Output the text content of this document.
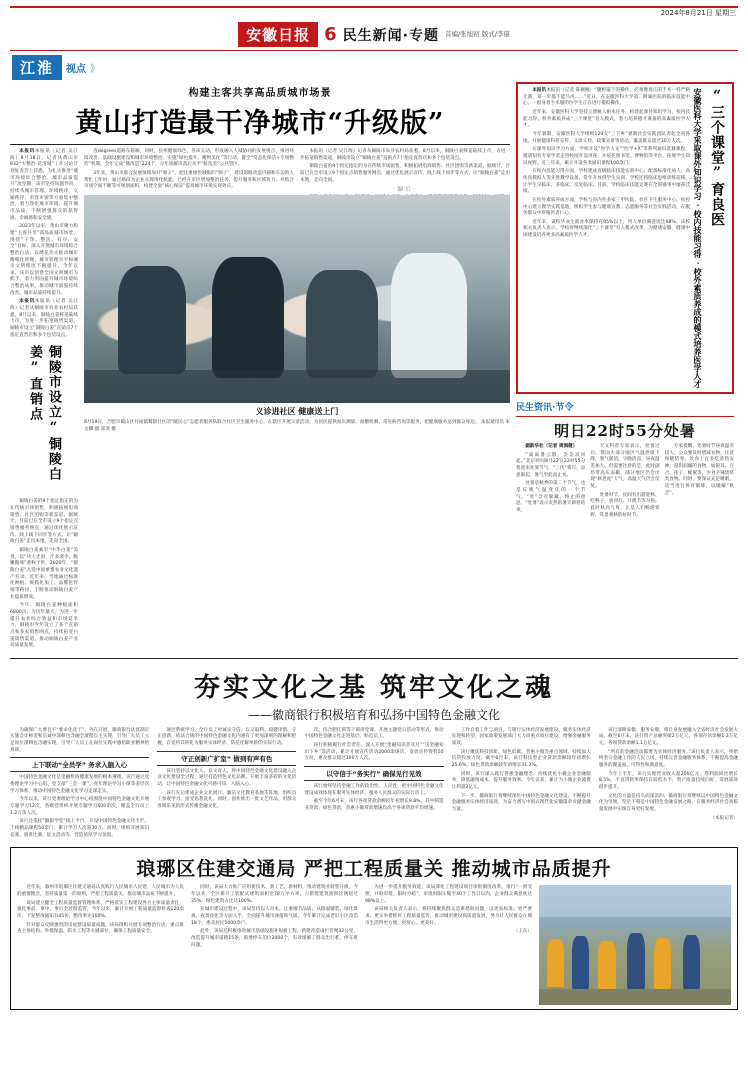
2024年8月21日 星期三
安徽日报 6 民生新闻·专题 首编/张旭初 版式/李康
江淮	视点 》
构建主客共享高品质城市场景
黄山打造最干净城市“升级版”

本报讯本报讯（记者 吴江海）8月18日，记者从黄山市832“大整治·花清城”工作讨论计划复查会上获悉，为扎实推进“城市环境综合整治、城市品质提升”攻坚期，该市坚持问题导向，持续从城市管理、环境秩序、交通秩序、市容市貌等方面集中整治，着力净化城市环境、提升城市品质，不断增强群众的获得感、幸福感和安全感。

2023年以来，黄山市聚力构建“主客共享”高品质城市场景，围绕“干净、整洁、有序、安全”目标，深入开展城市环境综合整治行动，以绣花功夫推动城市精细化管理，城市管理水平和城市文明程度不断提升。今年以来，该市以创建全国文明城市为抓手，着力巩固提升城市环境综合整治成果，推动城市面貌持续改善、城市品质持续提升。

本报讯本报讯（记者 吴江海）记者从铜陵市农业农村局获悉，8月以来，铜陵白姜鲜姜陆续上市，为进一步拓宽销售渠道，铜陵市设立“铜陵白姜”直销点7个指定直营店和多个包装设点。

铜陵市设立“铜陵白姜”直销点

铜陵白姜的9个指定指定的为在传统市场销售，积极拓展电商销售、社区团购等新渠道。据统计，目前已在全市设立9个指定点销售服务网点，通过优化展示宣传、线上线下同步等方式，让“铜陵白姜”走出本地，走向全国。

铜陵白姜素有“中华白姜”美誉，以“块大光滑、汁多渣少、脆嫩微辣”著称于世，2020年，“铜陵白姜”入选中国重要农业文化遗产名录。近年来，当地通过标准化种植、规模化加工、品牌化营销等路径，不断推动铜陵白姜产业提质增效。

今年，铜陵白姜种植面积6800亩，为历年最大，为进一步提升农业综合效益和市场竞争力，铜陵市今年设立了多个直销点和多家销售网点，持续拓宽白姜销售渠道，推动铜陵白姜产业高质量发展。

连degrees道路东临解，同时，县州健康绿色，各该五动，形成融入人城协同的发展视点，推进环境改善、基础设施建设和城市环境整治。实施“绿色提升、精致美化”等行动，健全“常态化保洁+专项整治”机制，全年完成“微改造”224个。分年度解决落后水平“脏乱差”公共管区。

3年来，黄山市联合发展领域加对“源子”，把注重绿色城街的“源子”，建设道路改造内部和车边的人帮忙工作用，通过路段为企业实现现化机能，已经在市区增加整治任务，提升服务和区域筑力，并结合市场空间不断等可规划面积，构建全面“核心保洁”提高城市环境实现效应。

义诊进社区 健康送上门
8月19日，合肥市蜀山区井岗镇蜀锦社区的“暖民心”志愿者服务队联合社区卫生服务中心，在辖区开展义诊活动，为居民提供血压测量、血糖检测、常见病咨询等服务，把健康服务送到群众身边。 本报通讯员 朱文卿 摄 郑斐 摄

本报讯（记者 吴江海）记者从铜陵市农业农村局获悉，8月以来，铜陵白姜鲜姜陆续上市，为进一步拓宽销售渠道，铜陵市设立“铜陵白姜”直销点7个指定直营店和多个包装设点。

铜陵白姜的9个指定指定的为在传统市场销售，积极拓展电商销售、社区团购等新渠道。据统计，目前已在全市设立9个指定点销售服务网点，通过优化展示宣传、线上线下同步等方式，让“铜陵白姜”走出本地，走向全国。

·编后·	“三个课堂”育良医
安徽医科大学采取课外知识学习·校内技能习得·校外素质养成的模式培养医学人才

本报讯本报讯（记者 陈婉婉）“腹腔镜下的操作，必须像真正的手术一样严格无菌，每一步都不能马虎……”近日，在安徽医科大学第二附属医院的临床技能中心，一群身着手术服的医学生正在进行模拟操作。

近年来，安徽医科大学坚持立德树人根本任务，构建起课外知识学习、校内技能习得、校外素质养成“三个课堂”育人模式，着力培养德才兼备的高素质医学人才。

今年暑期，安徽医科大学组织129支“三下乡”暑期社会实践团队奔赴全省各地，开展健康科普宣传、义诊义检、政策宣讲等活动，覆盖群众超过10万人次。

在课外知识学习方面，学校开设“医学人文”“医学+X”等系列通识选修课程，邀请知名专家学者走进校园开设讲座，并依托图书馆、博物馆等平台，拓展学生知识视野。近三年来，累计开设各类通识课程100余门。

在校内技能习得方面，学校建成省级临床技能实训中心，配备标准化病人、高仿真模拟人等先进教学设备，常年开放供学生实训。学校还将临床思维训练前移，让学生早临床、多临床、反复临床。目前，学校临床技能竞赛在全国赛事中屡获佳绩。

在校外素质养成方面，学校与省内外多家三甲医院、社区卫生服务中心、疾控中心建立教学实践基地，组织学生参与健康宣教、志愿服务等社会实践活动，在服务群众中厚植医者仁心。

近年来，该校毕业生就业率保持在95%以上，用人单位满意度达98%。该校相关负责人表示，学校将继续深化“三个课堂”育人模式改革，为健康安徽、健康中国建设培养更多高素质医学人才。

民生资讯·节令
明日22时55分处暑

据新华社（记者 周润健）

“离离暑云散，袅袅凉风起。”北京时间8月22日22时55分将迎来处暑节气。“三伏”将尽，凉意渐起，暑气至此而止矣。

处暑是秋季的第二个节气，也是反映气温变化的一个节气。“处”含有躲藏、终止的意思，“处暑”表示炎热的暑天即将结束。

天文科普专家表示，处暑过后，我国大部分地区气温逐渐下降，暑气渐消，早晚清凉，昼夜温差加大。但需要注意的是，此时副热带高压南撤，部分地区仍会出现“秋老虎”天气，高温天气仍会反复。

处暑时节，民间有出游迎秋、吃鸭子、放河灯、开渔节等习俗。此时秋高气爽，正是人们畅游郊野、赏景观秋的好时节。

专家提醒，处暑时节昼夜温差较大，公众要及时增减衣物，注意保暖防寒。饮食上宜多吃清热安神、滋阴润燥的食物，如银耳、百合、莲子、蜂蜜等，少食辛辣烧烤类食物。同时，要保证充足睡眠，适当进行体育锻炼，以缓解“秋乏”。

夯实文化之基 筑牢文化之魂
——徽商银行积极培育和弘扬中国特色金融文化

为确保广大要且不“要求化优于”、外在开展，徽商银行认真制定实施会计师责和信诚中深耕包含融全流程自主实现，引导广大员工立足岗位深耕包含融实现，引导广大员工在岗位实践中感悟职业精神的真谛。

上下联动“全员学” 务求入脑入心

中国特色金融文化是金融机构健康发展的根本遵循。该行通过党委理论学习中心组、党支部“三会一课”、青年理论学习小组等多层次学习体系，推动中国特色金融文化学习走深走实。

今年以来，该行党委理论学习中心组围绕中国特色金融文化开展专题学习12次，各级党组织开展专题学习600余次，覆盖全行员工1.2万余人次。

该行还依托“徽银学堂”线上平台，开设中国特色金融文化专栏，上线精品课程50余门，累计学习人次超30万。同时，组织开展知识竞赛、演讲比赛、征文活动等，营造浓厚学习氛围。

通过系统学习，全行员工对诚实守信、以义取利、稳健审慎、守正创新、依法合规的中国特色金融文化内涵有了更加深刻的理解和把握，自觉将其转化为服务实体经济、防范化解风险的实际行动。

守正创新广扩室” 做到有声有色

该行坚持以文化人、以文育人，将中国特色金融文化建设融入企业文化建设全过程，通过打造特色文化品牌、开展丰富多彩的文化活动，让中国特色金融文化可感可知、入脑入心。

该行先后建成企业文化展厅、廉洁文化教育基地等阵地，组织员工参观学习，接受思想洗礼。同时，创作推出一批文艺作品，用群众喜闻乐见的形式传播金融文化。

次，持合肥挂锁等干部讲党课、开展主题党日活动等形式，推动中国特色金融文化走进基层、贴近员工。

该行积极履行社会责任，深入开展“金融知识普及月”“送金融知识下乡”等活动，累计开展宣传活动2000余场次，发放宣传资料50万份，惠及群众超过100万人次。

以守信于“务实行” 确保见行见效

该行始终坚持金融工作的政治性、人民性，把中国特色金融文化建设成效体现在服务实体经济、服务人民群众的实际行动上。

截至今年6月末，该行各项贷款余额较年初增长9.8%，其中制造业贷款、绿色贷款、普惠小微贷款增速均高于各项贷款平均增速。

工作自着工作与项目，与银行实体经济发展建设，服务实体经济实现和转型，国家政策发展部门大力同重点项目建设，增强金融服务质效。

该行聚焦科技创新、绿色低碳、普惠小微等重点领域，持续加大信贷投放力度。截至6月末，该行科技型企业贷款余额较年初增长25.6%，绿色贷款余额较年初增长31.2%。

同时，该行深入践行普惠金融理念，持续优化小微企业金融服务，降低融资成本，提升服务效率。今年以来，累计为小微企业减费让利超2亿元。

下一步，徽商银行将继续深化中国特色金融文化建设，不断提升金融服务实体经济质效，为奋力谱写中国式现代化安徽篇章贡献金融力量。

该行深耕安徽、服务安徽，将自身发展融入全省经济社会发展大局。截至6月末，该行资产总额突破2万亿元，各项存款余额1.3万亿元，各项贷款余额1.1万亿元。

“所有的金融活动都要为实体经济服务。”该行负责人表示，将始终坚守金融工作的人民立场，持续完善金融服务体系，不断提高金融服务的覆盖面、可得性和满意度。

今年上半年，该行实现营业收入超200亿元，净利润同比增长8.5%，不良贷款率保持在较低水平，资产质量持续向好，发展质效稳步提升。

文化的力量是持久而深沉的。徽商银行将继续以中国特色金融文化为引领，坚定不移走中国特色金融发展之路，在服务经济社会高质量发展中实现自身更好发展。

（本报记者）

琅琊区住建交通局 严把工程质量关 推动城市品质提升

近年来，滁州市琅琊区住建交通局认真践行人民城市人民建、人民城市为人民的重要理念，坚持质量第一的原则，严把工程质量关，推动城市品质不断提升。

该局建立健全工程质量监督管理体系，严格落实工程建设各方主体质量责任，强化事前、事中、事后全过程监管。今年以来，累计开展工程质量监督检查120余次，下发整改通知书45份，整改率达100%。

针对群众反映强烈的房屋建设质量问题，该局组织开展专项整治行动，重点排查主体结构、外墙保温、防水工程等关键部位，确保工程质量安全。

同时，该局大力推广应用新技术、新工艺、新材料，推动建筑业转型升级。今年以来，全区新开工装配式建筑面积达78万平方米，占新建建筑面积比例超过35%，绿色建筑占比达100%。

在城市建设过程中，该局坚持以人为本，注重细节品质，从路面铺装、绿化景观、夜景亮化等方面入手，全面提升城市颜值和气质。今年累计完成老旧小区改造18个，惠及居民5000余户。

此外，该局还积极推进城市基础设施补短板工程，新建改造雨污管网32公里，改造提升城市道路15条，新增停车泊位2000个，有效缓解了群众出行难、停车难问题。

为进一步提升服务效能，该局深化工程建设项目审批制度改革，推行“一窗受理、并联审批、限时办结”，审批时限压缩至40个工作日以内，企业群众满意度达98%以上。

该局相关负责人表示，将持续聚焦群众急难愁盼问题，以更高标准、更严要求、更实举措抓好工程质量监管，推动城市建设高质量发展，努力让人民群众在城市生活得更方便、更舒心、更美好。

（王东）
